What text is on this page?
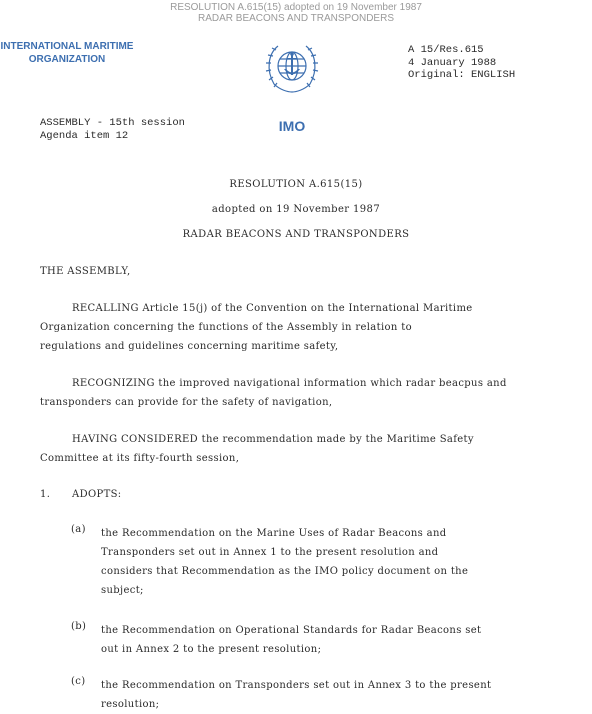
RESOLUTION A.615(15) adopted on 19 November 1987
RADAR BEACONS AND TRANSPONDERS
INTERNATIONAL MARITIME
ORGANIZATION
IMO
A 15/Res.615
4 January 1988
Original: ENGLISH
ASSEMBLY - 15th session
Agenda item 12
RESOLUTION A.615(15)
adopted on 19 November 1987
RADAR BEACONS AND TRANSPONDERS
THE ASSEMBLY,
RECALLING Article 15(j) of the Convention on the International Maritime
Organization concerning the functions of the Assembly in relation to
regulations and guidelines concerning maritime safety,
RECOGNIZING the improved navigational information which radar beacpus and
transponders can provide for the safety of navigation,
HAVING CONSIDERED the recommendation made by the Maritime Safety
Committee at its fifty-fourth session,
1. ADOPTS:
(a) the Recommendation on the Marine Uses of Radar Beacons and
Transponders set out in Annex 1 to the present resolution and
considers that Recommendation as the IMO policy document on the
subject;
(b) the Recommendation on Operational Standards for Radar Beacons set
out in Annex 2 to the present resolution;
(c) the Recommendation on Transponders set out in Annex 3 to the present
resolution;
